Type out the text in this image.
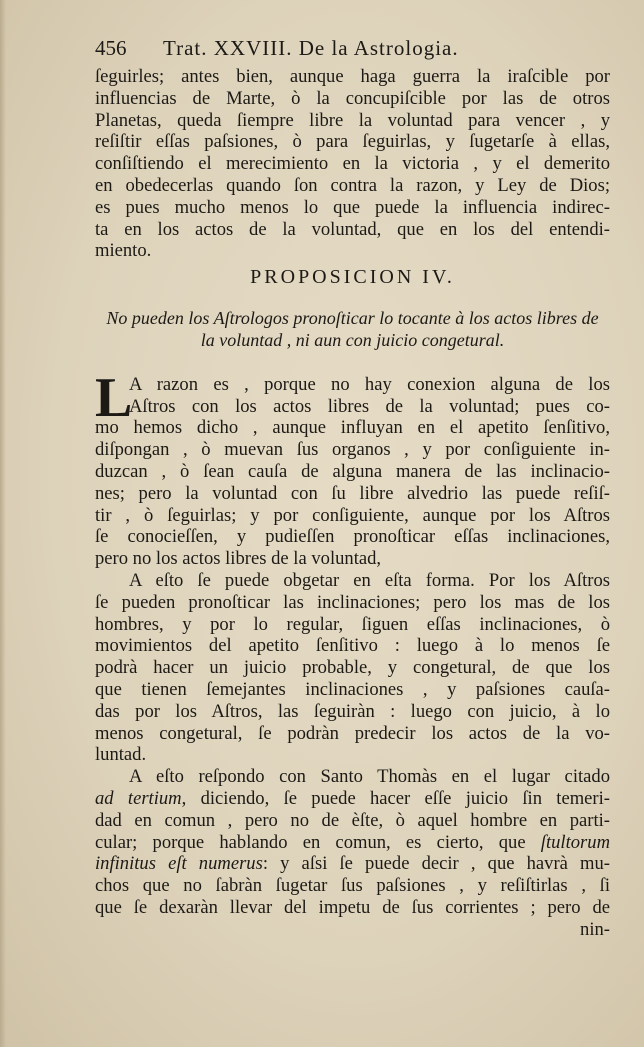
456	Trat. XXVIII. De la Astrologia.
ſeguirles; antes bien, aunque haga guerra la iraſcible por
influencias de Marte, ò la concupiſcible por las de otros
Planetas, queda ſiempre libre la voluntad para vencer , y
reſiſtir eſſas paſsiones, ò para ſeguirlas, y ſugetarſe à ellas,
conſiſtiendo el merecimiento en la victoria , y el demerito
en obedecerlas quando ſon contra la razon, y Ley de Dios;
es pues mucho menos lo que puede la influencia indirec-
ta en los actos de la voluntad, que en los del entendi-
miento.
PROPOSICION IV.
No pueden los Aſtrologos pronoſticar lo tocante à los actos libres de
la voluntad , ni aun con juicio congetural.
A razon es , porque no hay conexion alguna de los
Aſtros con los actos libres de la voluntad; pues co-
mo hemos dicho , aunque influyan en el apetito ſenſitivo,
diſpongan , ò muevan ſus organos , y por conſiguiente in-
duzcan , ò ſean cauſa de alguna manera de las inclinacio-
nes; pero la voluntad con ſu libre alvedrio las puede reſiſ-
tir , ò ſeguirlas; y por conſiguiente, aunque por los Aſtros
ſe conocieſſen, y pudieſſen pronoſticar eſſas inclinaciones,
pero no los actos libres de la voluntad,
A eſto ſe puede obgetar en eſta forma. Por los Aſtros
ſe pueden pronoſticar las inclinaciones; pero los mas de los
hombres, y por lo regular, ſiguen eſſas inclinaciones, ò
movimientos del apetito ſenſitivo : luego à lo menos ſe
podrà hacer un juicio probable, y congetural, de que los
que tienen ſemejantes inclinaciones , y paſsiones cauſa-
das por los Aſtros, las ſeguiràn : luego con juicio, à lo
menos congetural, ſe podràn predecir los actos de la vo-
luntad.
A eſto reſpondo con Santo Thomàs en el lugar citado
ad tertium, diciendo, ſe puede hacer eſſe juicio ſin temeri-
dad en comun , pero no de èſte, ò aquel hombre en parti-
cular; porque hablando en comun, es cierto, que ſtultorum
infinitus eſt numerus: y aſsi ſe puede decir , que havrà mu-
chos que no ſabràn ſugetar ſus paſsiones , y reſiſtirlas , ſi
que ſe dexaràn llevar del impetu de ſus corrientes ; pero de
nin-
L
